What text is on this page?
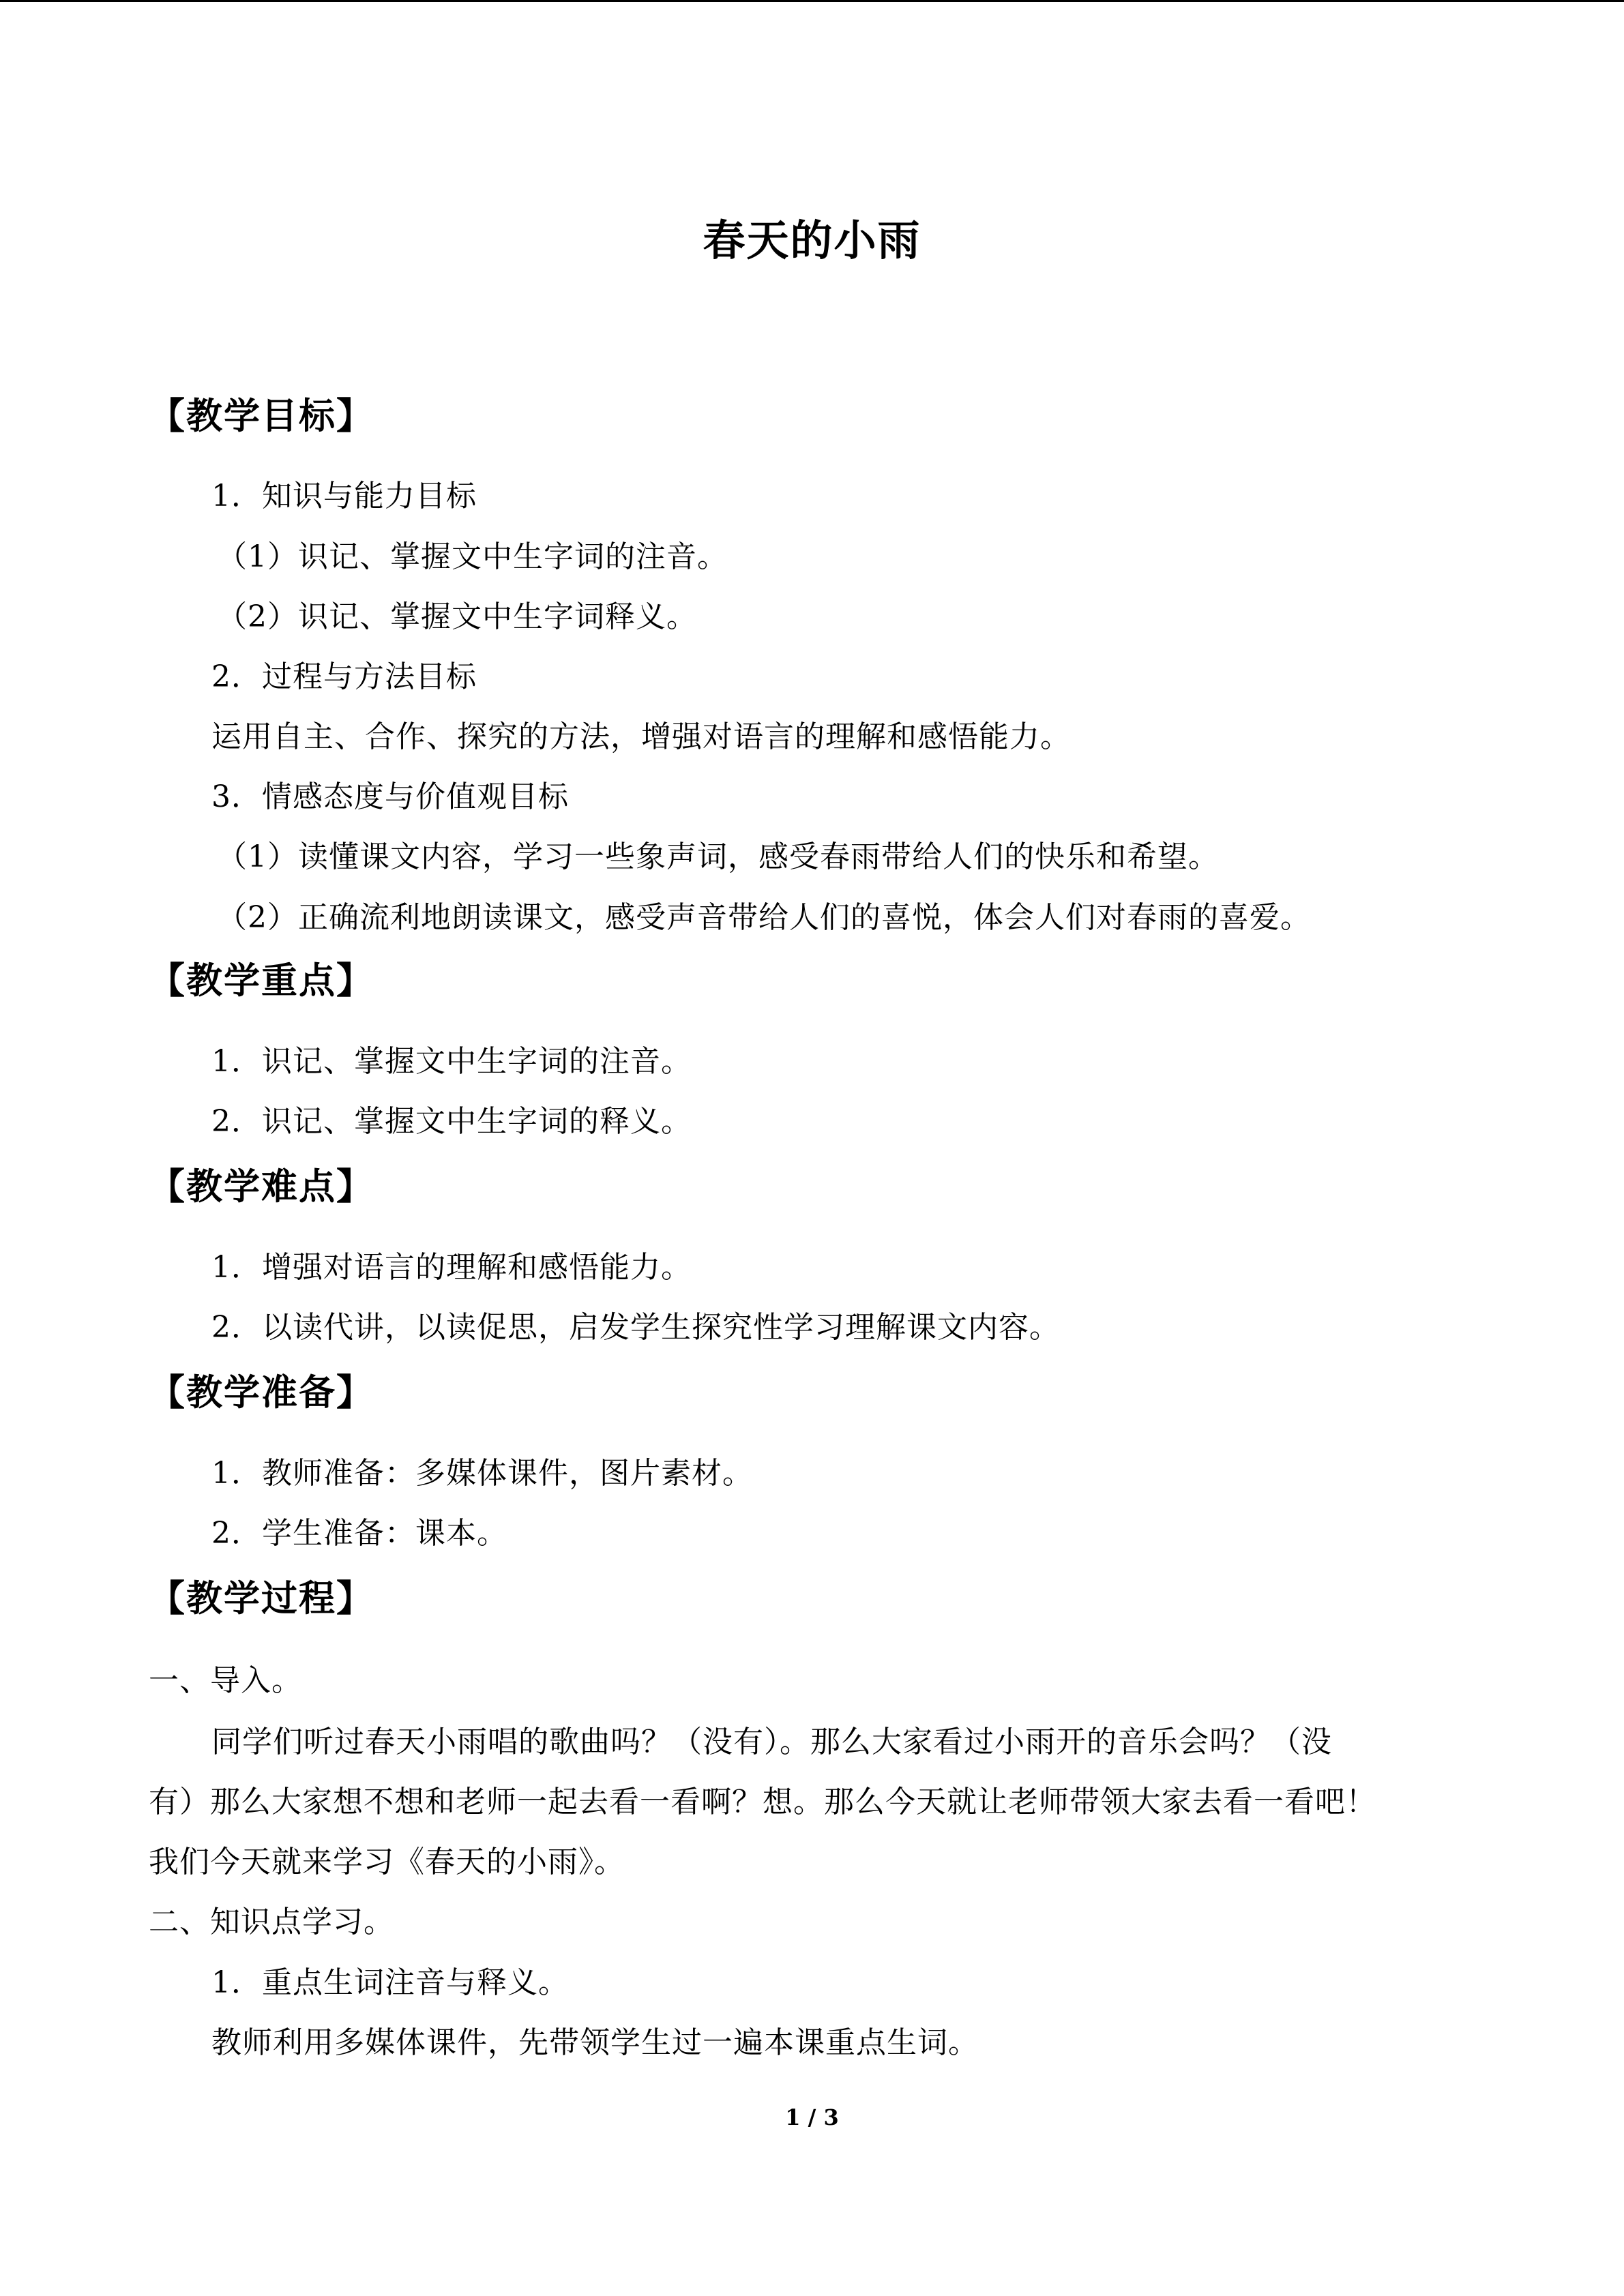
春天的小雨
【教学目标】
1．知识与能力目标
（1）识记、掌握文中生字词的注音。
（2）识记、掌握文中生字词释义。
2．过程与方法目标
运用自主、合作、探究的方法，增强对语言的理解和感悟能力。
3．情感态度与价值观目标
（1）读懂课文内容，学习一些象声词，感受春雨带给人们的快乐和希望。
（2）正确流利地朗读课文，感受声音带给人们的喜悦，体会人们对春雨的喜爱。
【教学重点】
1．识记、掌握文中生字词的注音。
2．识记、掌握文中生字词的释义。
【教学难点】
1．增强对语言的理解和感悟能力。
2．以读代讲，以读促思，启发学生探究性学习理解课文内容。
【教学准备】
1．教师准备：多媒体课件，图片素材。
2．学生准备：课本。
【教学过程】
一、导入。
同学们听过春天小雨唱的歌曲吗？（没有）。那么大家看过小雨开的音乐会吗？（没
有）那么大家想不想和老师一起去看一看啊？想。那么今天就让老师带领大家去看一看吧！
我们今天就来学习《春天的小雨》。
二、知识点学习。
1．重点生词注音与释义。
教师利用多媒体课件，先带领学生过一遍本课重点生词。
1 / 3
